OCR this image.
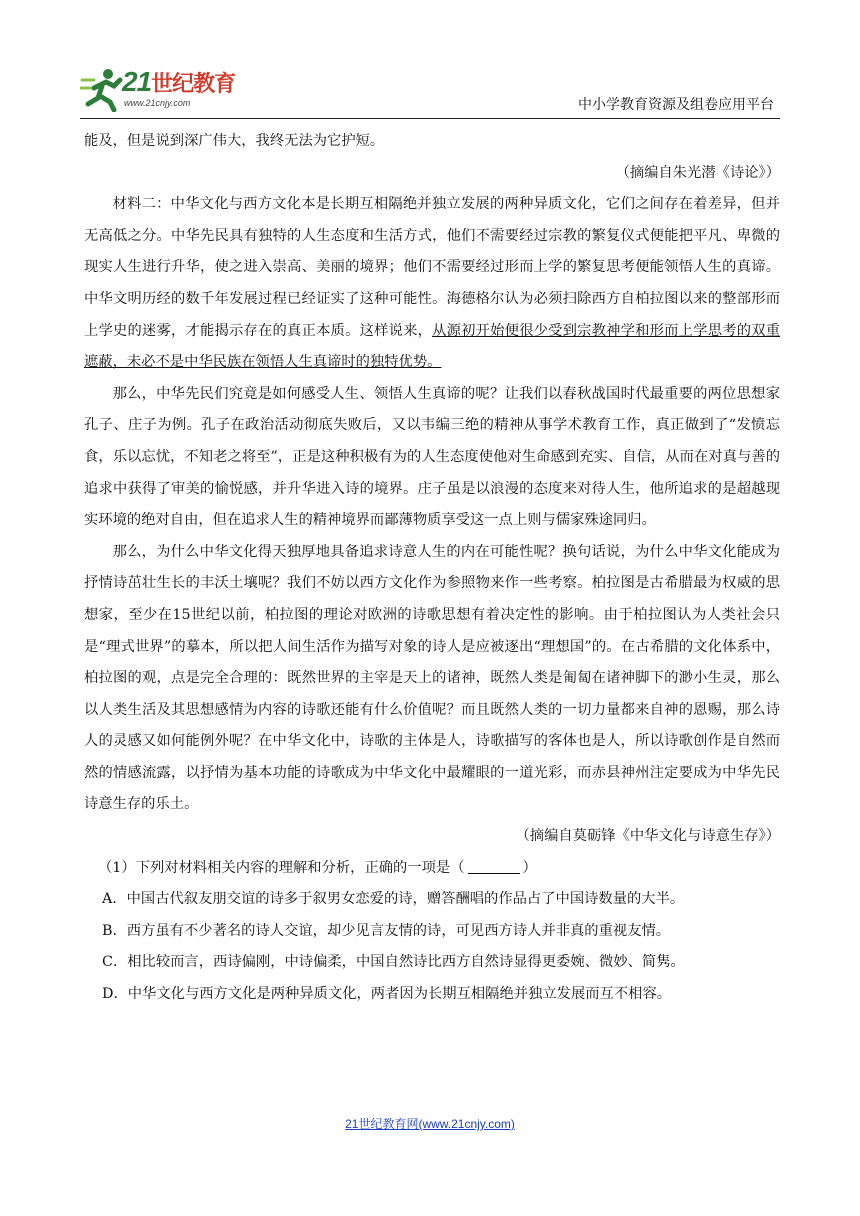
21世纪教育
www.21cnjy.com	中小学教育资源及组卷应用平台

能及，但是说到深广伟大，我终无法为它护短。

（摘编自朱光潜《诗论》）

材料二：中华文化与西方文化本是长期互相隔绝并独立发展的两种异质文化，它们之间存在着差异，但并无高低之分。中华先民具有独特的人生态度和生活方式，他们不需要经过宗教的繁复仪式便能把平凡、卑微的现实人生进行升华，使之进入崇高、美丽的境界；他们不需要经过形而上学的繁复思考便能领悟人生的真谛。中华文明历经的数千年发展过程已经证实了这种可能性。海德格尔认为必须扫除西方自柏拉图以来的整部形而上学史的迷雾，才能揭示存在的真正本质。这样说来，从源初开始便很少受到宗教神学和形而上学思考的双重遮蔽，未必不是中华民族在领悟人生真谛时的独特优势。

那么，中华先民们究竟是如何感受人生、领悟人生真谛的呢？让我们以春秋战国时代最重要的两位思想家孔子、庄子为例。孔子在政治活动彻底失败后，又以韦编三绝的精神从事学术教育工作，真正做到了“发愤忘食，乐以忘忧，不知老之将至”，正是这种积极有为的人生态度使他对生命感到充实、自信，从而在对真与善的追求中获得了审美的愉悦感，并升华进入诗的境界。庄子虽是以浪漫的态度来对待人生，他所追求的是超越现实环境的绝对自由，但在追求人生的精神境界而鄙薄物质享受这一点上则与儒家殊途同归。

那么，为什么中华文化得天独厚地具备追求诗意人生的内在可能性呢？换句话说，为什么中华文化能成为抒情诗茁壮生长的丰沃土壤呢？我们不妨以西方文化作为参照物来作一些考察。柏拉图是古希腊最为权威的思想家，至少在15世纪以前，柏拉图的理论对欧洲的诗歌思想有着决定性的影响。由于柏拉图认为人类社会只是“理式世界”的摹本，所以把人间生活作为描写对象的诗人是应被逐出“理想国”的。在古希腊的文化体系中，柏拉图的观，点是完全合理的：既然世界的主宰是天上的诸神，既然人类是匍匐在诸神脚下的渺小生灵，那么以人类生活及其思想感情为内容的诗歌还能有什么价值呢？而且既然人类的一切力量都来自神的恩赐，那么诗人的灵感又如何能例外呢？在中华文化中，诗歌的主体是人，诗歌描写的客体也是人，所以诗歌创作是自然而然的情感流露，以抒情为基本功能的诗歌成为中华文化中最耀眼的一道光彩，而赤县神州注定要成为中华先民诗意生存的乐土。

（摘编自莫砺锋《中华文化与诗意生存》）

（1）下列对材料相关内容的理解和分析，正确的一项是（	）

A．中国古代叙友朋交谊的诗多于叙男女恋爱的诗，赠答酬唱的作品占了中国诗数量的大半。

B．西方虽有不少著名的诗人交谊，却少见言友情的诗，可见西方诗人并非真的重视友情。

C．相比较而言，西诗偏刚，中诗偏柔，中国自然诗比西方自然诗显得更委婉、微妙、简隽。

D．中华文化与西方文化是两种异质文化，两者因为长期互相隔绝并独立发展而互不相容。

21世纪教育网(www.21cnjy.com)
